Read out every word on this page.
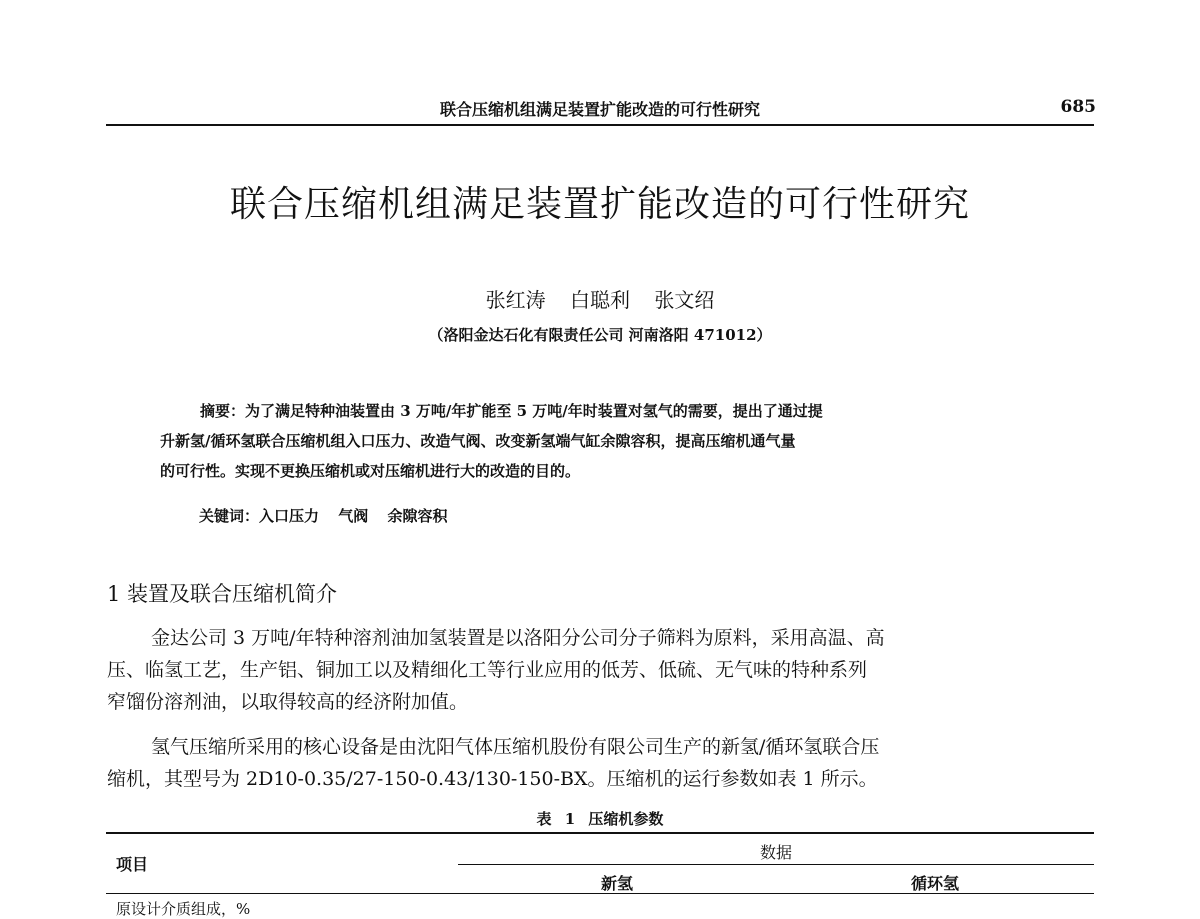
联合压缩机组满足装置扩能改造的可行性研究	685
联合压缩机组满足装置扩能改造的可行性研究
张红涛 白聪利 张文绍
（洛阳金达石化有限责任公司 河南洛阳 471012）
摘要：为了满足特种油装置由 3 万吨/年扩能至 5 万吨/年时装置对氢气的需要，提出了通过提
升新氢/循环氢联合压缩机组入口压力、改造气阀、改变新氢端气缸余隙容积，提高压缩机通气量
的可行性。实现不更换压缩机或对压缩机进行大的改造的目的。
关键词：入口压力 气阀 余隙容积
1 装置及联合压缩机简介
金达公司 3 万吨/年特种溶剂油加氢装置是以洛阳分公司分子筛料为原料，采用高温、高
压、临氢工艺，生产铝、铜加工以及精细化工等行业应用的低芳、低硫、无气味的特种系列
窄馏份溶剂油，以取得较高的经济附加值。
氢气压缩所采用的核心设备是由沈阳气体压缩机股份有限公司生产的新氢/循环氢联合压
缩机，其型号为 2D10-0.35/27-150-0.43/130-150-BX。压缩机的运行参数如表 1 所示。
表 1 压缩机参数
项目
数据
新氢	循环氢
原设计介质组成，%
